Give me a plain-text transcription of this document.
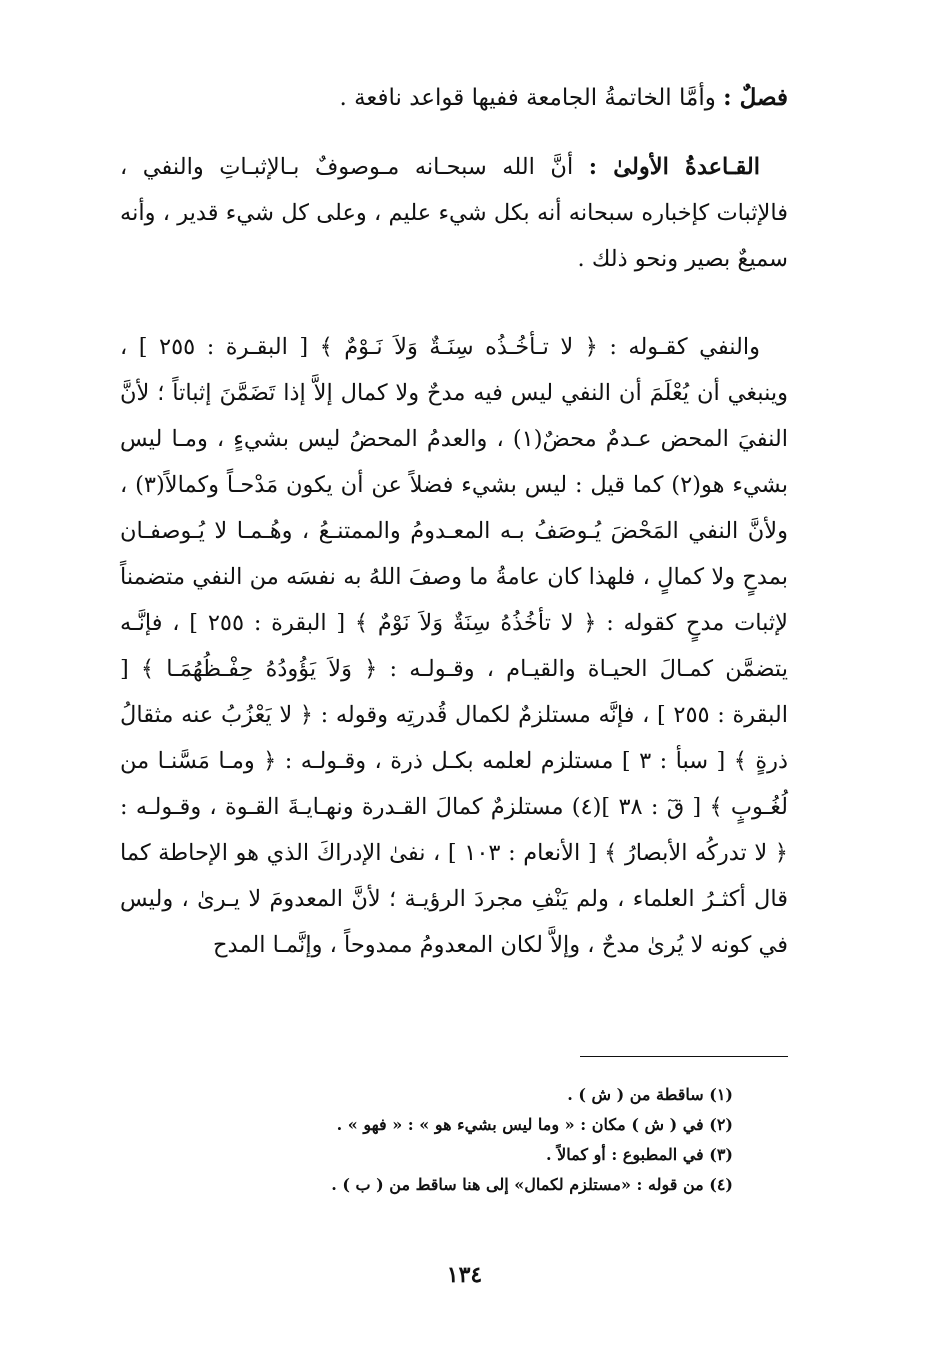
فصلٌ : وأمَّا الخاتمةُ الجامعة ففيها قواعد نافعة .

القـاعدةُ الأولىٰ : أنَّ الله سبحـانه مـوصوفٌ بـالإثبـاتِ والنفي ، فالإثبات كإخباره سبحانه أنه بكل شيء عليم ، وعلى كل شيء قدير ، وأنه سميعٌ بصير ونحو ذلك .

والنفي كقـوله : ﴿ لا تـأخُـذُه سِنَـةٌ وَلاَ نَـوْمٌ ﴾ [ البقـرة : ٢٥٥ ] ، وينبغي أن يُعْلَمَ أن النفي ليس فيه مدحٌ ولا كمال إلاَّ إذا تَضَمَّنَ إثباتاً ؛ لأنَّ النفيَ المحض عـدمٌ محضٌ(١) ، والعدمُ المحضُ ليس بشيءٍ ، ومـا ليس بشيء هو(٢) كما قيل : ليس بشيء فضلاً عن أن يكون مَدْحـاً وكمالاً(٣) ، ولأنَّ النفي المَحْضَ يُـوصَفُ بـه المعـدومُ والممتنـعُ ، وهُـمـا لا يُـوصفـان بمدحٍ ولا كمالٍ ، فلهذا كان عامةُ ما وصفَ اللهُ به نفسَه من النفي متضمناً لإثبات مدحٍ كقوله : ﴿ لا تأخُذُهُ سِنَةٌ وَلاَ نَوْمٌ ﴾ [ البقرة : ٢٥٥ ] ، فإنَّـه يتضمَّن كمـالَ الحيـاة والقيـام ، وقـولـه : ﴿ وَلاَ يَؤُودُهُ حِفْـظُهُمَـا ﴾ [ البقرة : ٢٥٥ ] ، فإنَّه مستلزمٌ لكمال قُدرتِه وقوله : ﴿ لا يَعْزُبُ عنه مثقالُ ذرةٍ ﴾ [ سبأ : ٣ ] مستلزم لعلمه بكـل ذرة ، وقـولـه : ﴿ ومـا مَسَّنـا من لُغُـوبٍ ﴾ [ قٓ : ٣٨ ](٤) مستلزمٌ كمالَ القـدرة ونهـايـةَ القـوة ، وقـولـه : ﴿ لا تدركُه الأبصارُ ﴾ [ الأنعام : ١٠٣ ] ، نفىٰ الإدراكَ الذي هو الإحاطة كما قال أكثـرُ العلماء ، ولم يَنْفِ مجردَ الرؤيـة ؛ لأنَّ المعدومَ لا يـرىٰ ، وليس في كونه لا يُرىٰ مدحٌ ، وإلاَّ لكان المعدومُ ممدوحاً ، وإنَّمـا المدح

(١) ساقطة من ( ش ) .
(٢) في ( ش ) مكان : « وما ليس بشيء هو » : « فهو » .
(٣) في المطبوع : أو كمالاً .
(٤) من قوله : «مستلزم لكمال» إلى هنا ساقط من ( ب ) .
١٣٤
